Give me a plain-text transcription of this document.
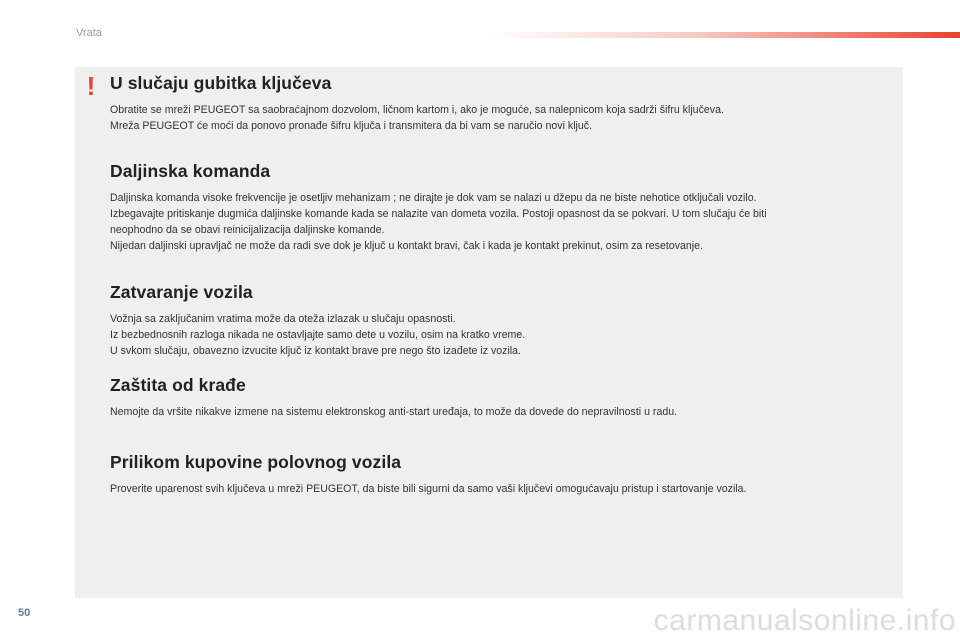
Vrata
! U slučaju gubitka ključeva

Obratite se mreži PEUGEOT sa saobraćajnom dozvolom, ličnom kartom i, ako je moguće, sa nalepnicom koja sadrži šifru ključeva.
Mreža PEUGEOT će moći da ponovo pronađe šifru ključa i transmitera da bi vam se naručio novi ključ.

Daljinska komanda

Daljinska komanda visoke frekvencije je osetljiv mehanizam ; ne dirajte je dok vam se nalazi u džepu da ne biste nehotice otključali vozilo.
Izbegavajte pritiskanje dugmića daljinske komande kada se nalazite van dometa vozila. Postoji opasnost da se pokvari. U tom slučaju će biti
neophodno da se obavi reinicijalizacija daljinske komande.
Nijedan daljinski upravljač ne može da radi sve dok je ključ u kontakt bravi, čak i kada je kontakt prekinut, osim za resetovanje.

Zatvaranje vozila

Vožnja sa zaključanim vratima može da oteža izlazak u slučaju opasnosti.
Iz bezbednosnih razloga nikada ne ostavljajte samo dete u vozilu, osim na kratko vreme.
U svkom slučaju, obavezno izvucite ključ iz kontakt brave pre nego što izađete iz vozila.

Zaštita od krađe

Nemojte da vršite nikakve izmene na sistemu elektronskog anti-start uređaja, to može da dovede do nepravilnosti u radu.

Prilikom kupovine polovnog vozila

Proverite uparenost svih ključeva u mreži PEUGEOT, da biste bili sigurni da samo vaši ključevi omogućavaju pristup i startovanje vozila.

50	carmanualsonline.info
